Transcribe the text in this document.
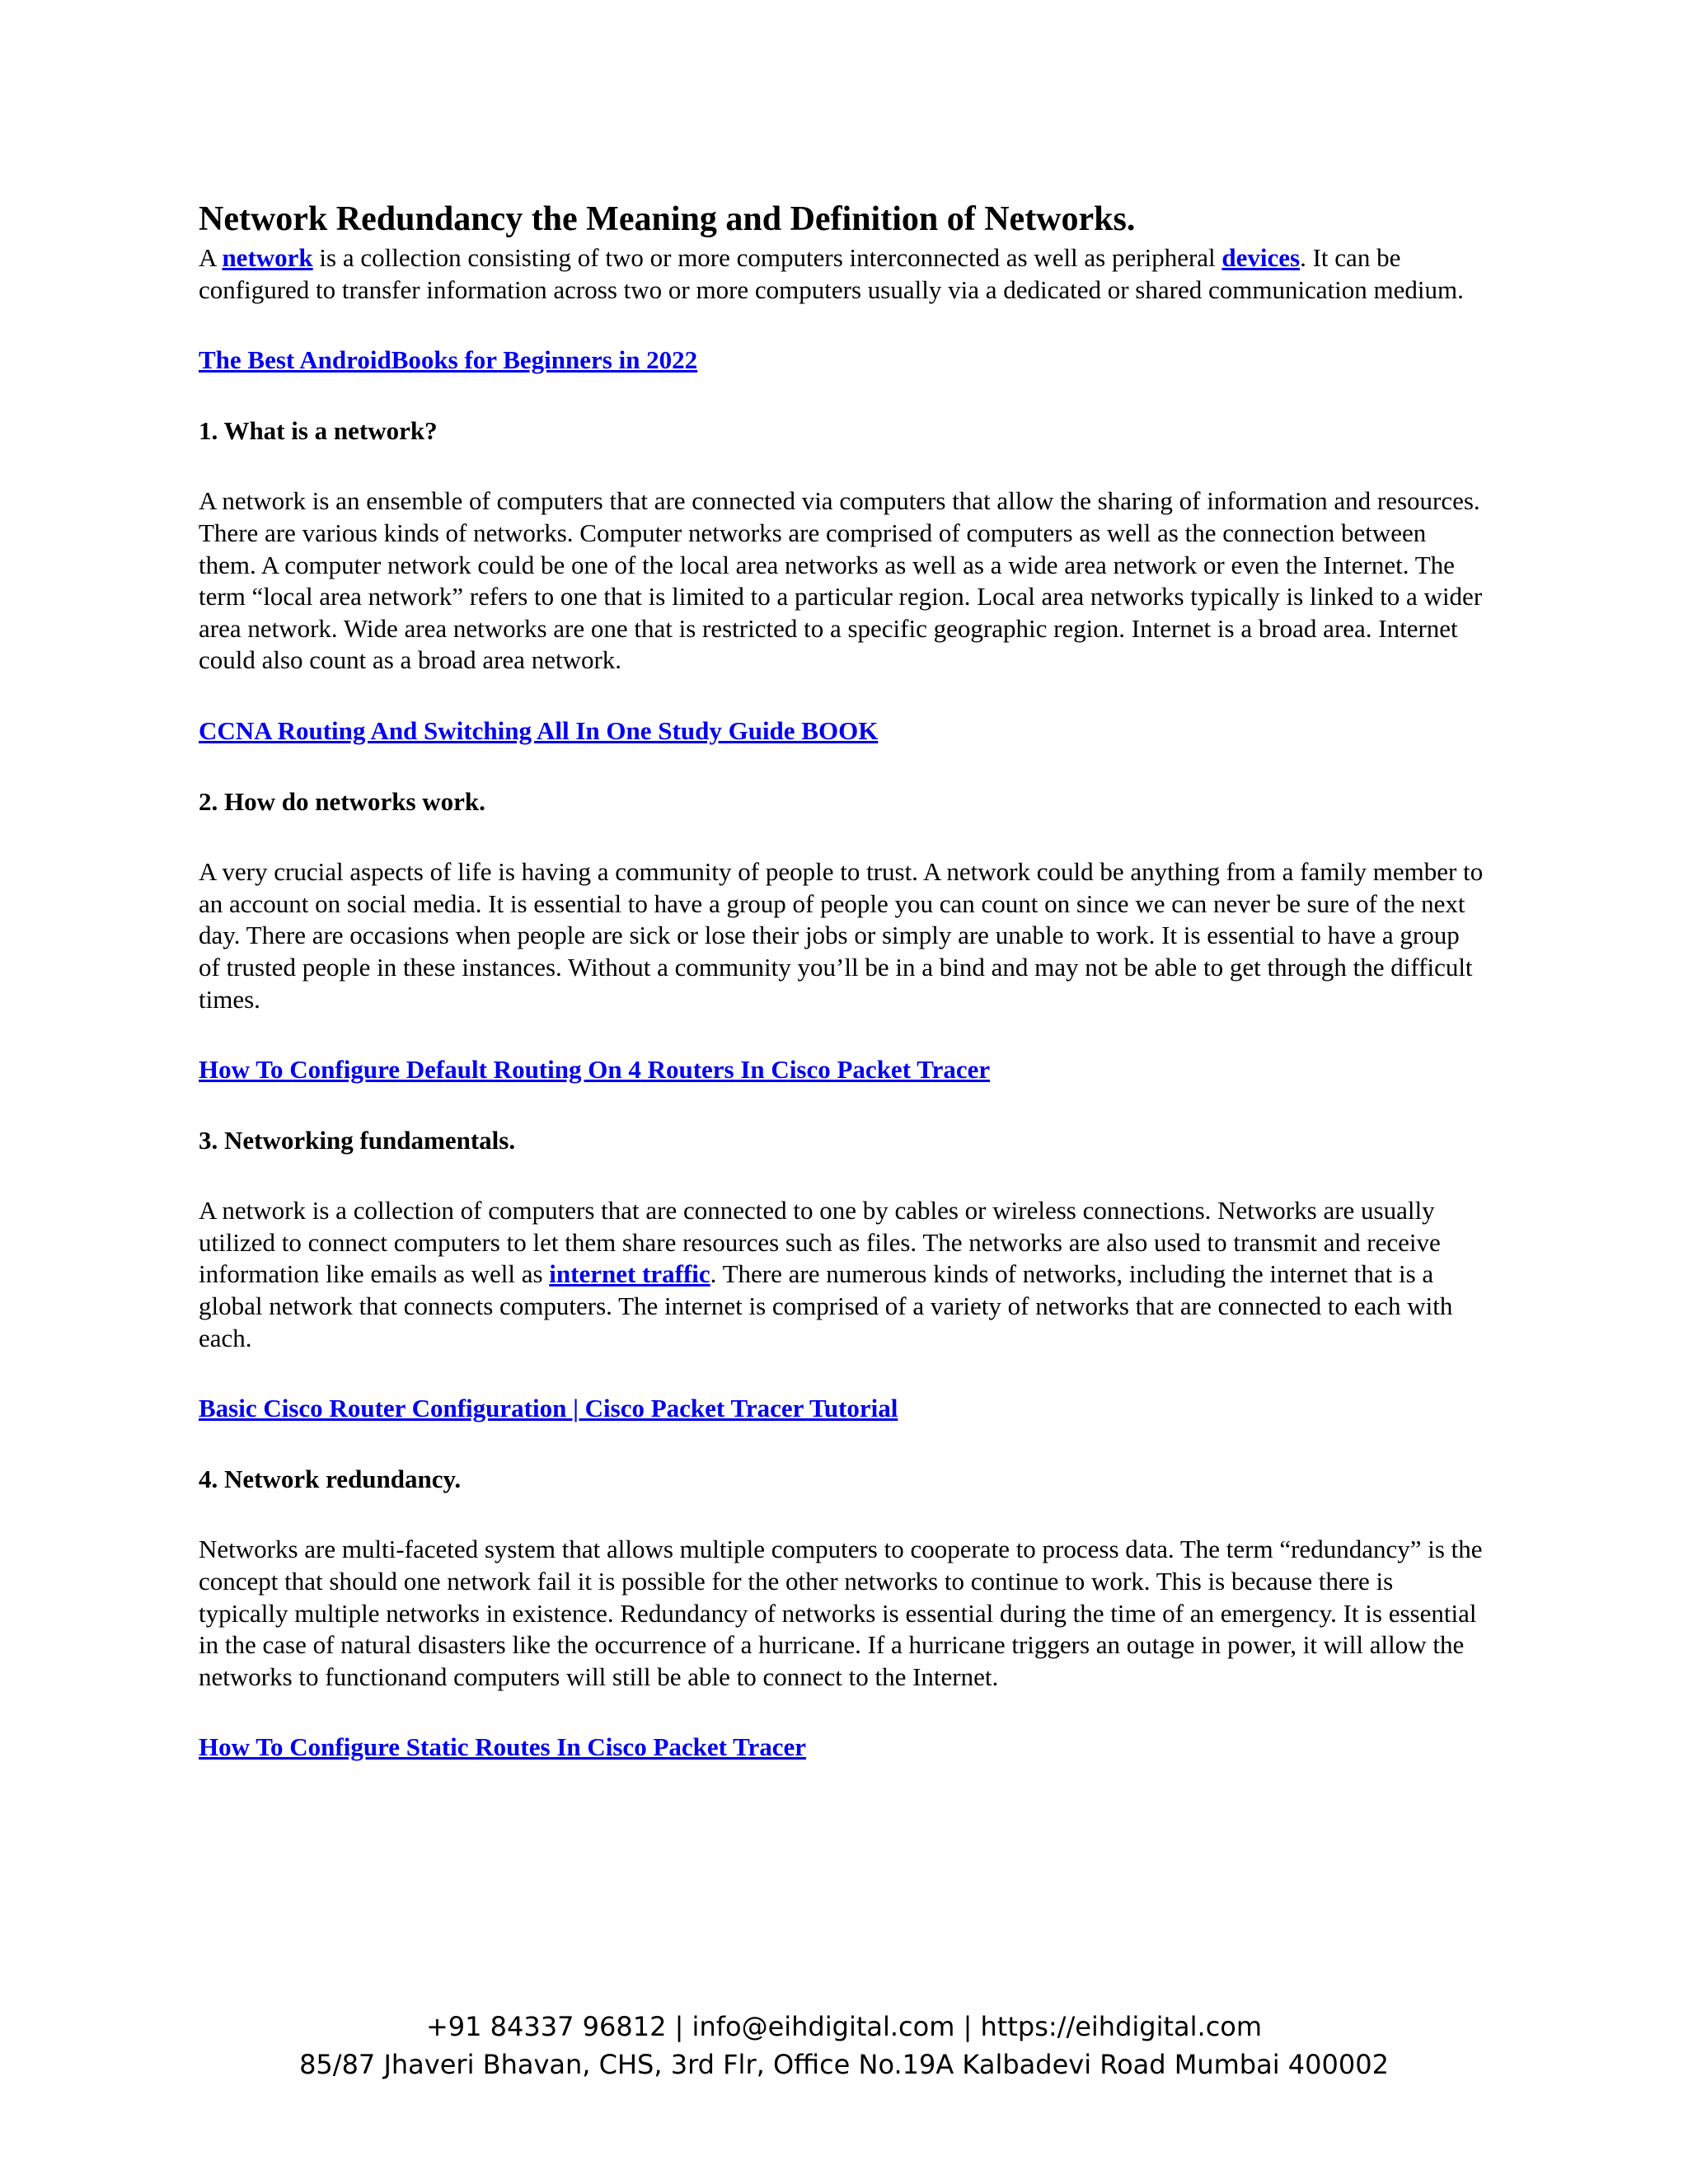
Network Redundancy the Meaning and Definition of Networks.

A network is a collection consisting of two or more computers interconnected as well as peripheral devices. It can be configured to transfer information across two or more computers usually via a dedicated or shared communication medium.

The Best AndroidBooks for Beginners in 2022

1. What is a network?

A network is an ensemble of computers that are connected via computers that allow the sharing of information and resources. There are various kinds of networks. Computer networks are comprised of computers as well as the connection between them. A computer network could be one of the local area networks as well as a wide area network or even the Internet. The term “local area network” refers to one that is limited to a particular region. Local area networks typically is linked to a wider area network. Wide area networks are one that is restricted to a specific geographic region. Internet is a broad area. Internet could also count as a broad area network.

CCNA Routing And Switching All In One Study Guide BOOK

2. How do networks work.

A very crucial aspects of life is having a community of people to trust. A network could be anything from a family member to an account on social media. It is essential to have a group of people you can count on since we can never be sure of the next day. There are occasions when people are sick or lose their jobs or simply are unable to work. It is essential to have a group of trusted people in these instances. Without a community you’ll be in a bind and may not be able to get through the difficult times.

How To Configure Default Routing On 4 Routers In Cisco Packet Tracer

3. Networking fundamentals.

A network is a collection of computers that are connected to one by cables or wireless connections. Networks are usually utilized to connect computers to let them share resources such as files. The networks are also used to transmit and receive information like emails as well as internet traffic. There are numerous kinds of networks, including the internet that is a global network that connects computers. The internet is comprised of a variety of networks that are connected to each with each.

Basic Cisco Router Configuration | Cisco Packet Tracer Tutorial

4. Network redundancy.

Networks are multi-faceted system that allows multiple computers to cooperate to process data. The term “redundancy” is the concept that should one network fail it is possible for the other networks to continue to work. This is because there is typically multiple networks in existence. Redundancy of networks is essential during the time of an emergency. It is essential in the case of natural disasters like the occurrence of a hurricane. If a hurricane triggers an outage in power, it will allow the networks to functionand computers will still be able to connect to the Internet.

How To Configure Static Routes In Cisco Packet Tracer

+91 84337 96812 | info@eihdigital.com | https://eihdigital.com
85/87 Jhaveri Bhavan, CHS, 3rd Flr, Office No.19A Kalbadevi Road Mumbai 400002
